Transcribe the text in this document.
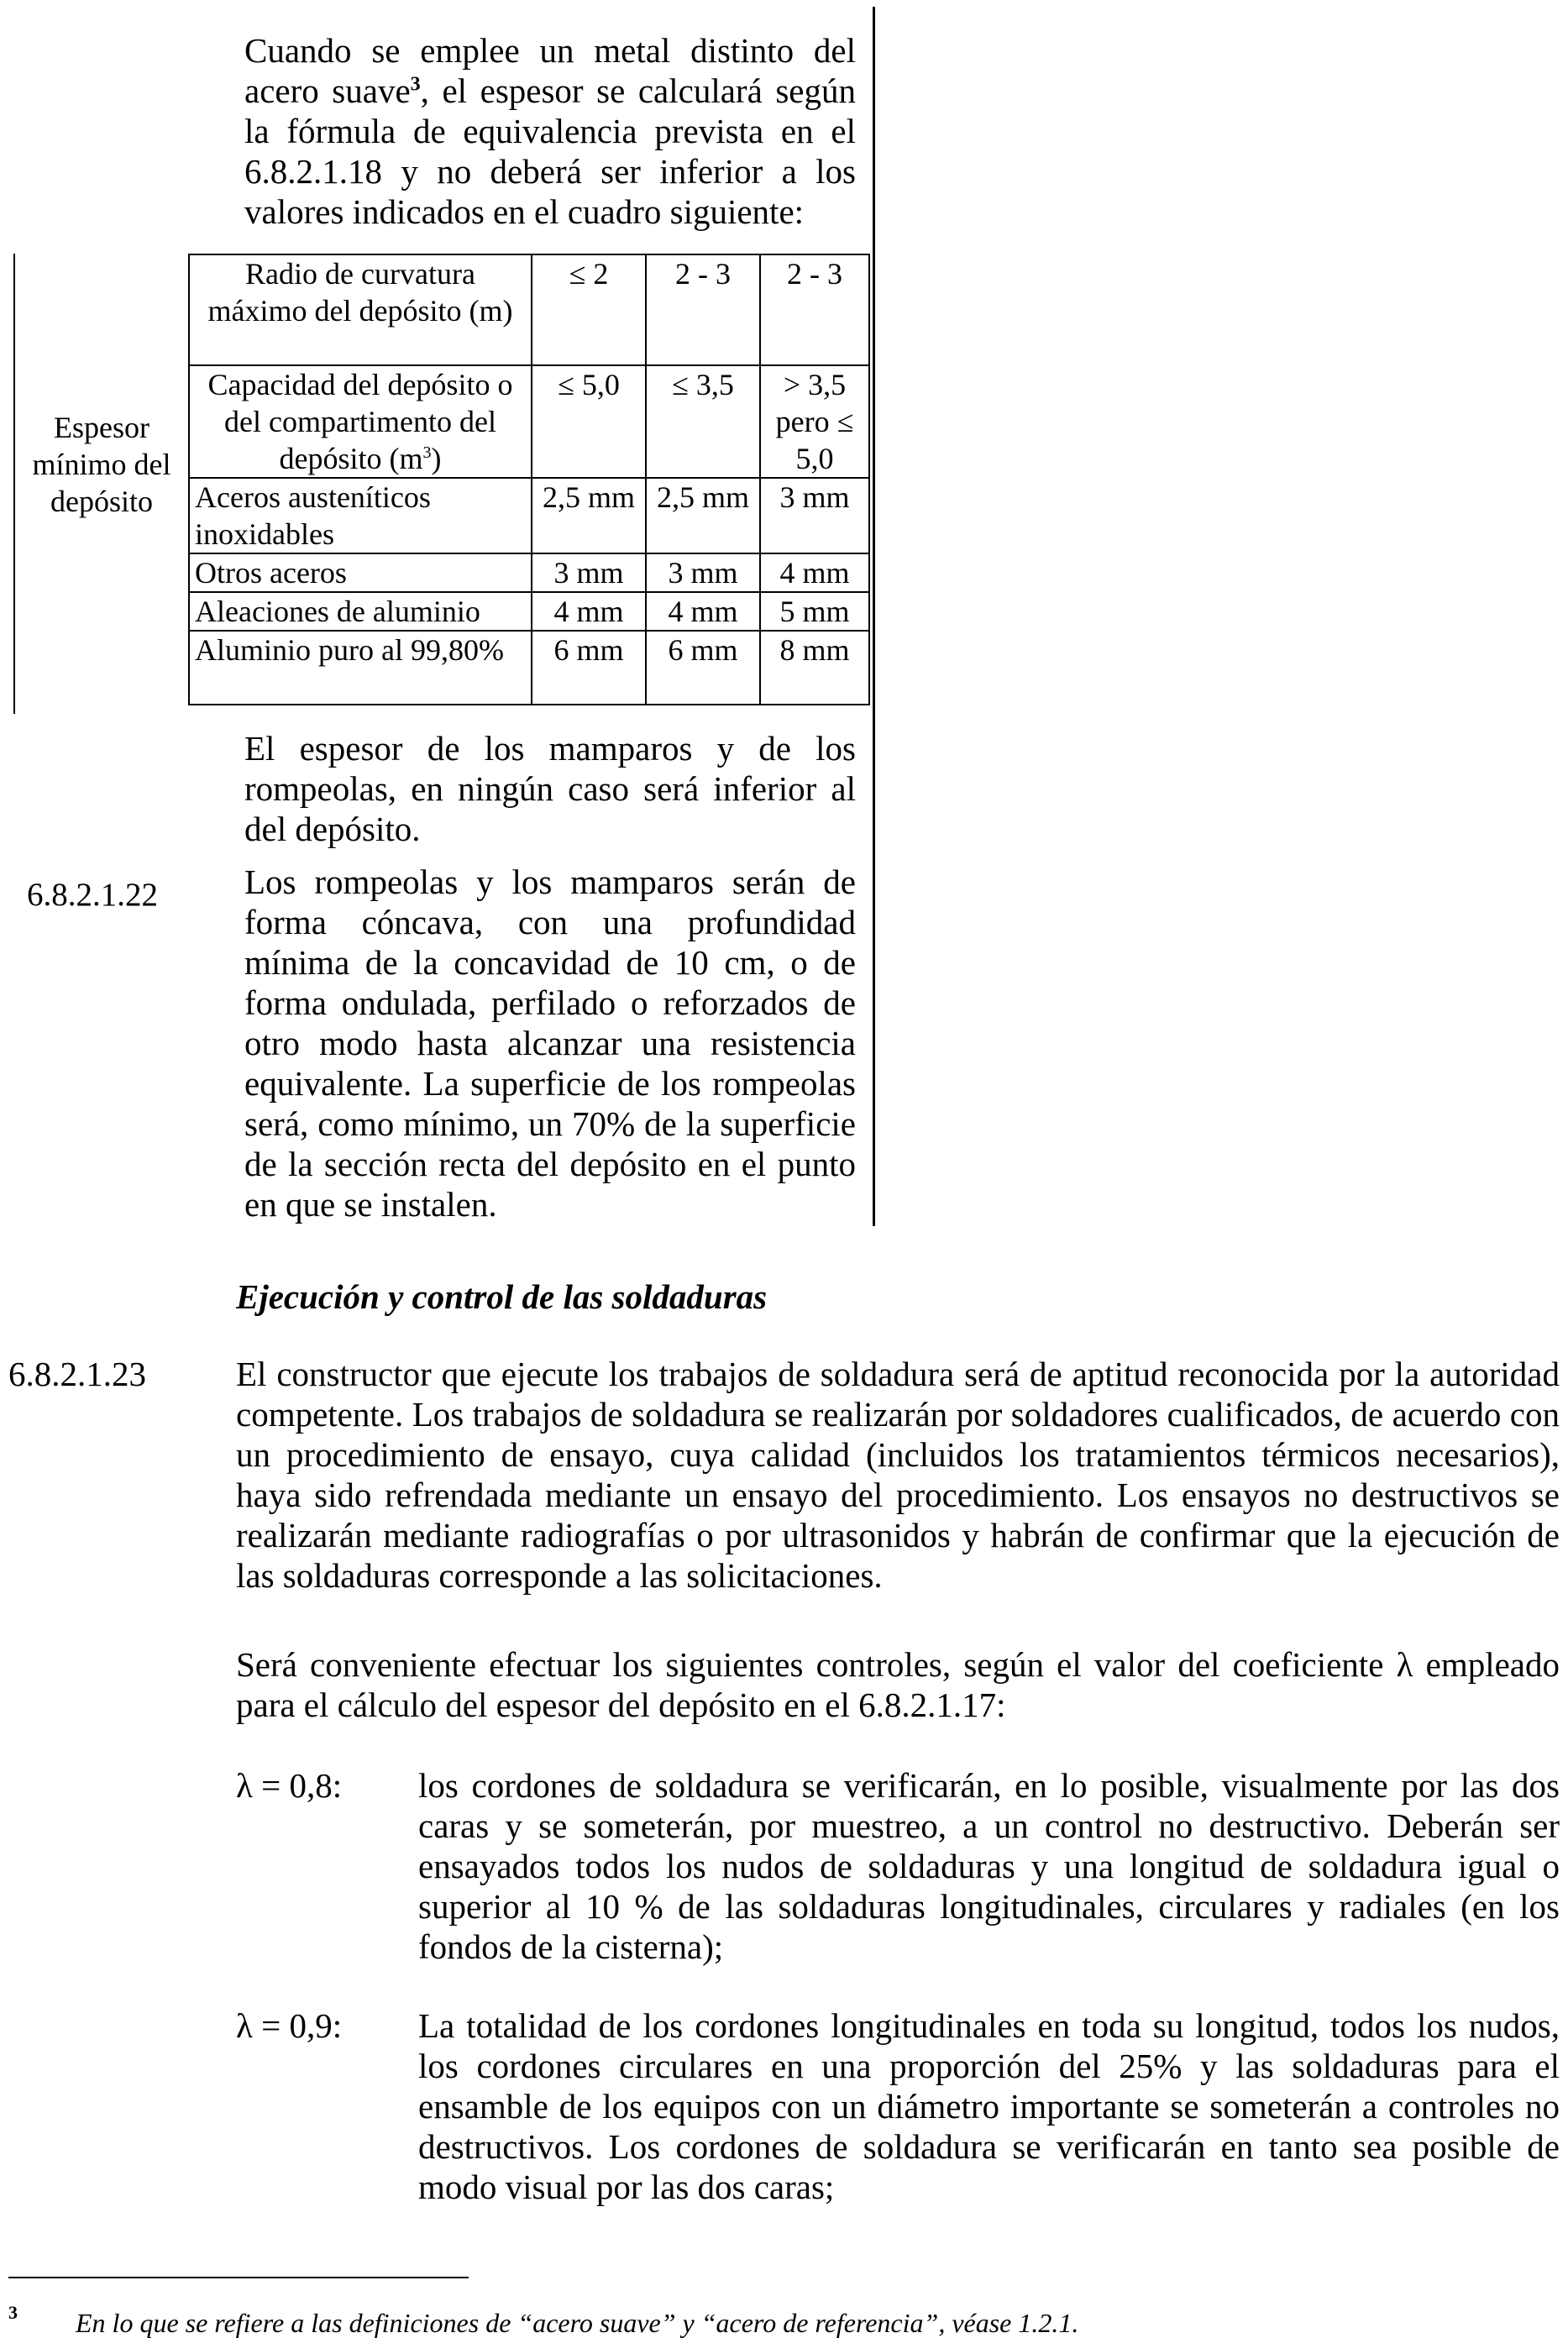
Cuando se emplee un metal distinto del acero suave$^3$, el espesor se calculará según la fórmula de equivalencia prevista en el 6.8.2.1.18 y no deberá ser inferior a los valores indicados en el cuadro siguiente:
Espesor mínimo del depósito	Radio de curvatura máximo del depósito (m)	≤ 2	2 - 3	2 - 3
	Capacidad del depósito o del compartimento del depósito $(m^3)$	≤ 5,0	≤ 3,5	> 3,5 pero ≤ 5,0
	Aceros austeníticos inoxidables	2,5 mm	2,5 mm	3 mm
	Otros aceros	3 mm	3 mm	4 mm
	Aleaciones de aluminio	4 mm	4 mm	5 mm
	Aluminio puro al 99,80%	6 mm	6 mm	8 mm
El espesor de los mamparos y de los rompeolas, en ningún caso será inferior al del depósito.
6.8.2.1.22	Los rompeolas y los mamparos serán de forma cóncava, con una profundidad mínima de la concavidad de 10 cm, o de forma ondulada, perfilado o reforzados de otro modo hasta alcanzar una resistencia equivalente. La superficie de los rompeolas será, como mínimo, un 70% de la superficie de la sección recta del depósito en el punto en que se instalen.
Ejecución y control de las soldaduras
6.8.2.1.23	El constructor que ejecute los trabajos de soldadura será de aptitud reconocida por la autoridad competente. Los trabajos de soldadura se realizarán por soldadores cualificados, de acuerdo con un procedimiento de ensayo, cuya calidad (incluidos los tratamientos térmicos necesarios), haya sido refrendada mediante un ensayo del procedimiento. Los ensayos no destructivos se realizarán mediante radiografías o por ultrasonidos y habrán de confirmar que la ejecución de las soldaduras corresponde a las solicitaciones.
Será conveniente efectuar los siguientes controles, según el valor del coeficiente λ empleado para el cálculo del espesor del depósito en el 6.8.2.1.17:
λ = 0,8: los cordones de soldadura se verificarán, en lo posible, visualmente por las dos caras y se someterán, por muestreo, a un control no destructivo. Deberán ser ensayados todos los nudos de soldaduras y una longitud de soldadura igual o superior al 10 % de las soldaduras longitudinales, circulares y radiales (en los fondos de la cisterna);
λ = 0,9: La totalidad de los cordones longitudinales en toda su longitud, todos los nudos, los cordones circulares en una proporción del 25% y las soldaduras para el ensamble de los equipos con un diámetro importante se someterán a controles no destructivos. Los cordones de soldadura se verificarán en tanto sea posible de modo visual por las dos caras;
3 En lo que se refiere a las definiciones de “acero suave” y “acero de referencia”, véase 1.2.1.
